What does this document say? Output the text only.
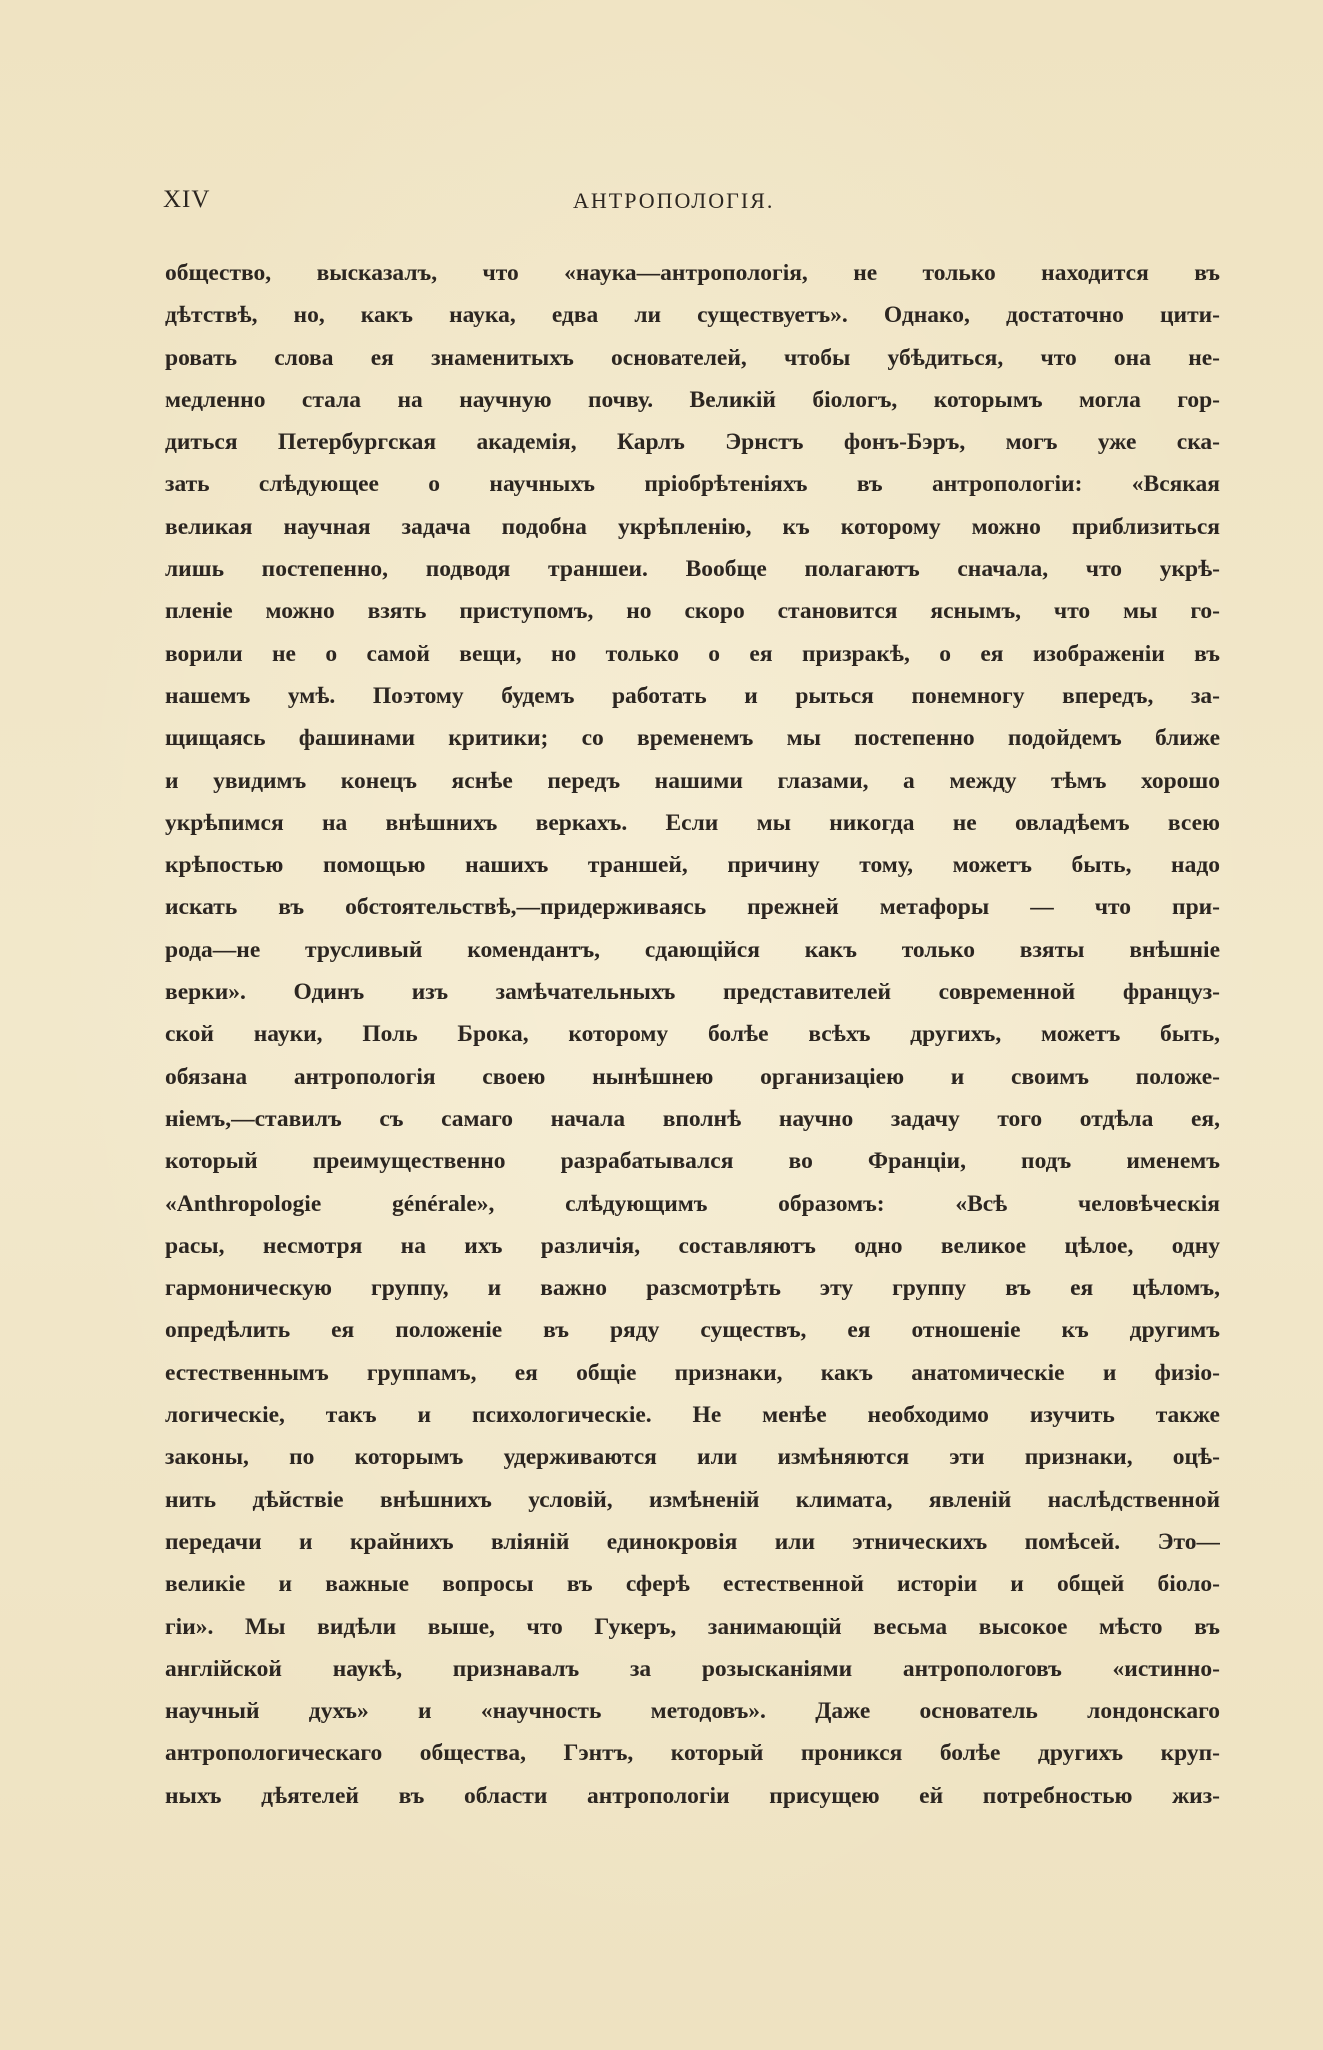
XIV	АНТРОПОЛОГІЯ.
общество, высказалъ, что «наука—антропологія, не только находится въ
дѣтствѣ, но, какъ наука, едва ли существуетъ». Однако, достаточно цити-
ровать слова ея знаменитыхъ основателей, чтобы убѣдиться, что она не-
медленно стала на научную почву. Великій біологъ, которымъ могла гор-
диться Петербургская академія, Карлъ Эрнстъ фонъ-Бэръ, могъ уже ска-
зать слѣдующее о научныхъ пріобрѣтеніяхъ въ антропологіи: «Всякая
великая научная задача подобна укрѣпленію, къ которому можно приблизиться
лишь постепенно, подводя траншеи. Вообще полагаютъ сначала, что укрѣ-
пленіе можно взять приступомъ, но скоро становится яснымъ, что мы го-
ворили не о самой вещи, но только о ея призракѣ, о ея изображеніи въ
нашемъ умѣ. Поэтому будемъ работать и рыться понемногу впередъ, за-
щищаясь фашинами критики; со временемъ мы постепенно подойдемъ ближе
и увидимъ конецъ яснѣе передъ нашими глазами, а между тѣмъ хорошо
укрѣпимся на внѣшнихъ веркахъ. Если мы никогда не овладѣемъ всею
крѣпостью помощью нашихъ траншей, причину тому, можетъ быть, надо
искать въ обстоятельствѣ,—придерживаясь прежней метафоры — что при-
рода—не трусливый комендантъ, сдающійся какъ только взяты внѣшніе
верки». Одинъ изъ замѣчательныхъ представителей современной француз-
ской науки, Поль Брока, которому болѣе всѣхъ другихъ, можетъ быть,
обязана антропологія своею нынѣшнею организаціею и своимъ положе-
ніемъ,—ставилъ съ самаго начала вполнѣ научно задачу того отдѣла ея,
который преимущественно разрабатывался во Франціи, подъ именемъ
«Anthropologie générale», слѣдующимъ образомъ: «Всѣ человѣческія
расы, несмотря на ихъ различія, составляютъ одно великое цѣлое, одну
гармоническую группу, и важно разсмотрѣть эту группу въ ея цѣломъ,
опредѣлить ея положеніе въ ряду существъ, ея отношеніе къ другимъ
естественнымъ группамъ, ея общіе признаки, какъ анатомическіе и физіо-
логическіе, такъ и психологическіе. Не менѣе необходимо изучить также
законы, по которымъ удерживаются или измѣняются эти признаки, оцѣ-
нить дѣйствіе внѣшнихъ условій, измѣненій климата, явленій наслѣдственной
передачи и крайнихъ вліяній единокровія или этническихъ помѣсей. Это—
великіе и важные вопросы въ сферѣ естественной исторіи и общей біоло-
гіи». Мы видѣли выше, что Гукеръ, занимающій весьма высокое мѣсто въ
англійской наукѣ, признавалъ за розысканіями антропологовъ «истинно-
научный духъ» и «научность методовъ». Даже основатель лондонскаго
антропологическаго общества, Гэнтъ, который проникся болѣе другихъ круп-
ныхъ дѣятелей въ области антропологіи присущею ей потребностью жиз-
